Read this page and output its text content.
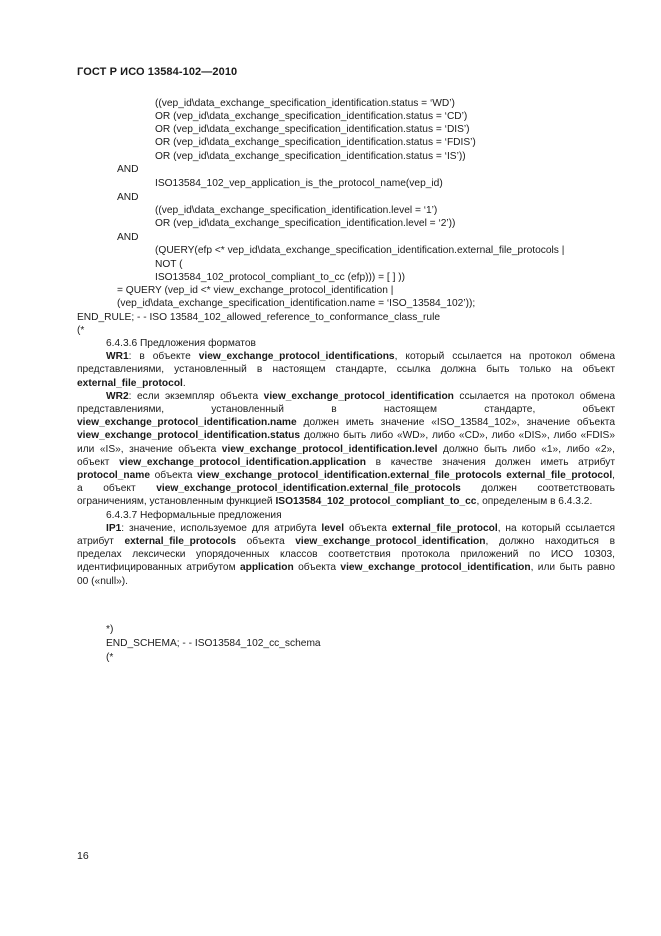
ГОСТ Р ИСО 13584-102—2010
((vep_id\data_exchange_specification_identification.status = ‘WD’)
OR (vep_id\data_exchange_specification_identification.status = ‘CD’)
OR (vep_id\data_exchange_specification_identification.status = ‘DIS’)
OR (vep_id\data_exchange_specification_identification.status = ‘FDIS’)
OR (vep_id\data_exchange_specification_identification.status = ‘IS’))
AND
ISO13584_102_vep_application_is_the_protocol_name(vep_id)
AND
((vep_id\data_exchange_specification_identification.level = ‘1’)
OR (vep_id\data_exchange_specification_identification.level = ‘2’))
AND
(QUERY(efp <* vep_id\data_exchange_specification_identification.external_file_protocols |
NOT (
ISO13584_102_protocol_compliant_to_cc (efp))) = [ ] ))
= QUERY (vep_id <* view_exchange_protocol_identification |
(vep_id\data_exchange_specification_identification.name = ‘ISO_13584_102’));
END_RULE; - - ISO 13584_102_allowed_reference_to_conformance_class_rule
(*

6.4.3.6 Предложения форматов

WR1: в объекте view_exchange_protocol_identifications, который ссылается на протокол обмена представлениями, установленный в настоящем стандарте, ссылка должна быть только на объект external_file_protocol.

WR2: если экземпляр объекта view_exchange_protocol_identification ссылается на протокол обмена представлениями, установленный в настоящем стандарте, объект view_exchange_protocol_identification.name должен иметь значение «ISO_13584_102», значение объекта view_exchange_protocol_identification.status должно быть либо «WD», либо «CD», либо «DIS», либо «FDIS» или «IS», значение объекта view_exchange_protocol_identification.level должно быть либо «1», либо «2», объект view_exchange_protocol_identification.application в качестве значения должен иметь атрибут protocol_name объекта view_exchange_protocol_identification.external_file_protocols external_file_protocol, а объект view_exchange_protocol_identification.external_file_protocols должен соответствовать ограничениям, установленным функцией ISO13584_102_protocol_compliant_to_cc, определеным в 6.4.3.2.

6.4.3.7 Неформальные предложения

IP1: значение, используемое для атрибута level объекта external_file_protocol, на который ссылается атрибут external_file_protocols объекта view_exchange_protocol_identification, должно находиться в пределах лексически упорядоченных классов соответствия протокола приложений по ИСО 10303, идентифицированных атрибутом application объекта view_exchange_protocol_identification, или быть равно 00 («null»).

*)
END_SCHEMA; - - ISO13584_102_cc_schema
(*
16
